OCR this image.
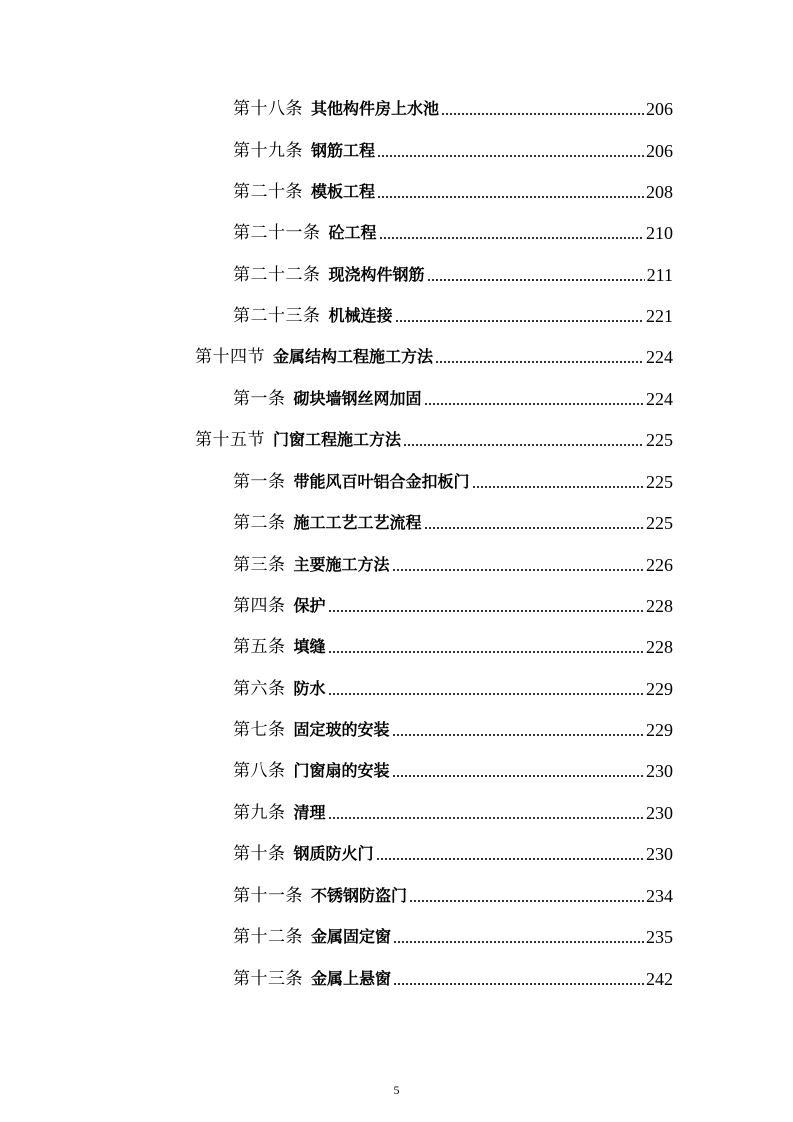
第十八条 其他构件房上水池	206
第十九条 钢筋工程	206
第二十条 模板工程	208
第二十一条 砼工程	210
第二十二条 现浇构件钢筋	211
第二十三条 机械连接	221
第十四节 金属结构工程施工方法	224
第一条 砌块墙钢丝网加固	224
第十五节 门窗工程施工方法	225
第一条 带能风百叶铝合金扣板门	225
第二条 施工工艺工艺流程	225
第三条 主要施工方法	226
第四条 保护	228
第五条 填缝	228
第六条 防水	229
第七条 固定玻的安装	229
第八条 门窗扇的安装	230
第九条 清理	230
第十条 钢质防火门	230
第十一条 不锈钢防盗门	234
第十二条 金属固定窗	235
第十三条 金属上悬窗	242
5
